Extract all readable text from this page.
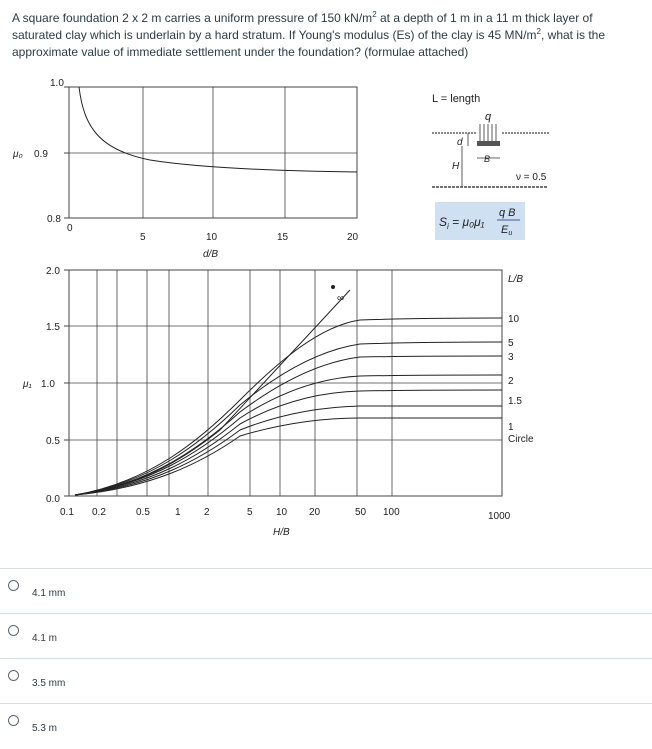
A square foundation 2 x 2 m carries a uniform pressure of 150 $kN/m^2$ at a depth of 1 m in a 11 m thick layer of saturated clay which is underlain by a hard stratum. If Young's modulus (Es) of the clay is 45 $MN/m^2$, what is the approximate value of immediate settlement under the foundation? (formulae attached)
1.0
μ₀ 0.9
0.8
0
5	10	15	20
d/B
L = length
q
d
H
B
ν = 0.5
$S_i = \mu_0\mu_1$
q B
Eu
∞
2.0
1.5
μ₁ 1.0
0.5
0.0
0.1 0.2	0.5	1 2	5 10 20	50 100	1000
H/B
L/B
10
5
3
2
1.5
1
Circle
4.1 mm
4.1 m
3.5 mm
5.3 m
